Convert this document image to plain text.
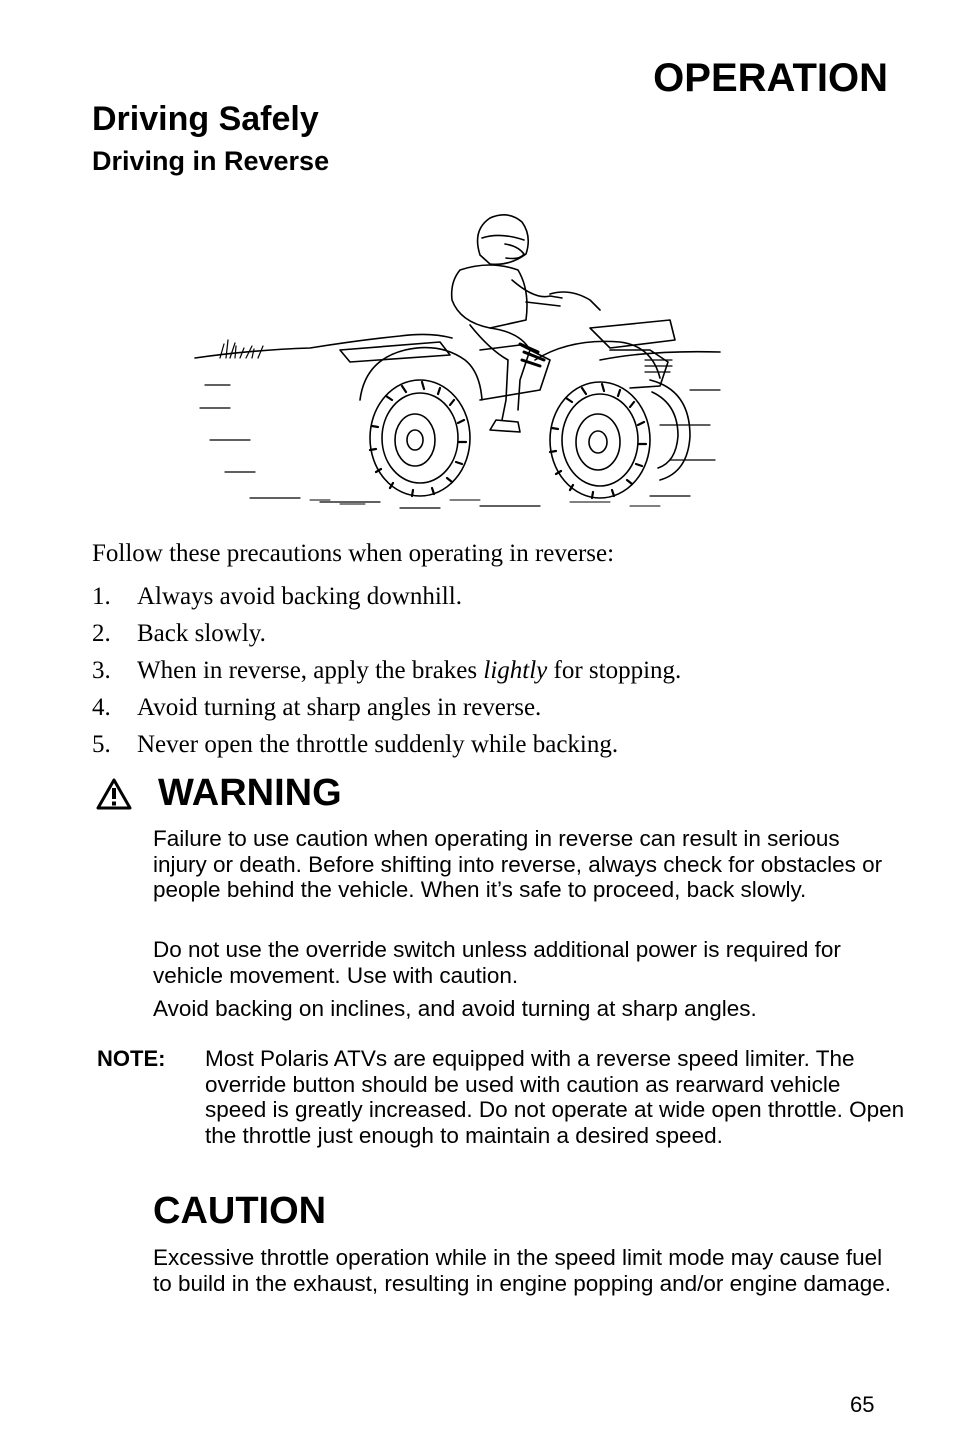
OPERATION
Driving Safely
Driving in Reverse
Follow these precautions when operating in reverse:
1. Always avoid backing downhill.
2. Back slowly.
3. When in reverse, apply the brakes lightly for stopping.
4. Avoid turning at sharp angles in reverse.
5. Never open the throttle suddenly while backing.
WARNING

Failure to use caution when operating in reverse can result in serious injury or death. Before shifting into reverse, always check for obstacles or people behind the vehicle. When it’s safe to proceed, back slowly.

Do not use the override switch unless additional power is required for vehicle movement. Use with caution.

Avoid backing on inclines, and avoid turning at sharp angles.

NOTE: Most Polaris ATVs are equipped with a reverse speed limiter. The override button should be used with caution as rearward vehicle speed is greatly increased. Do not operate at wide open throttle. Open the throttle just enough to maintain a desired speed.
CAUTION

Excessive throttle operation while in the speed limit mode may cause fuel to build in the exhaust, resulting in engine popping and/or engine damage.

65
